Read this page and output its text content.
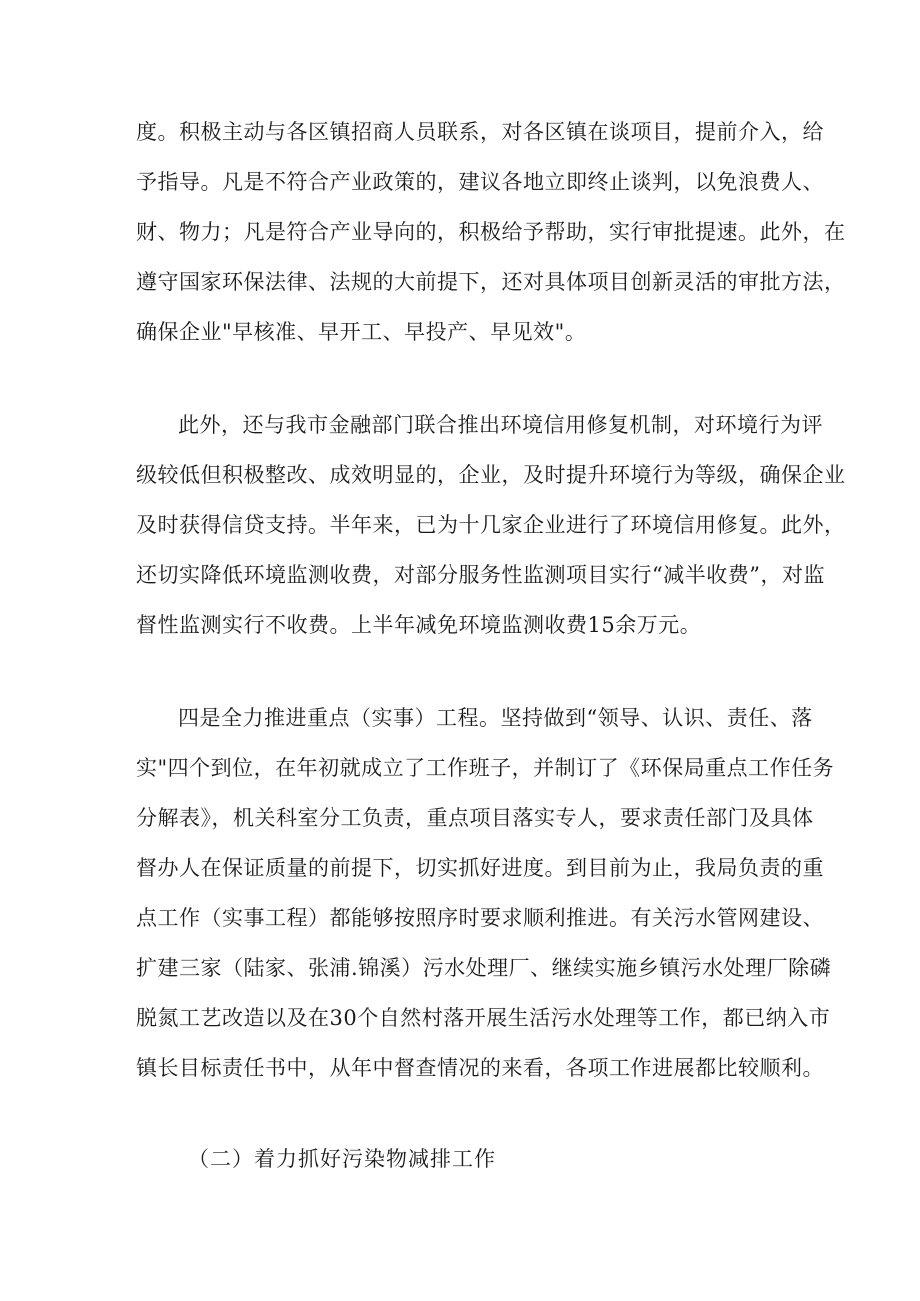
度。积极主动与各区镇招商人员联系，对各区镇在谈项目，提前介入，给
予指导。凡是不符合产业政策的，建议各地立即终止谈判，以免浪费人、
财、物力；凡是符合产业导向的，积极给予帮助，实行审批提速。此外，在
遵守国家环保法律、法规的大前提下，还对具体项目创新灵活的审批方法，
确保企业"早核准、早开工、早投产、早见效"。
此外，还与我市金融部门联合推出环境信用修复机制，对环境行为评
级较低但积极整改、成效明显的，企业，及时提升环境行为等级，确保企业
及时获得信贷支持。半年来，已为十几家企业进行了环境信用修复。此外，
还切实降低环境监测收费，对部分服务性监测项目实行“减半收费”，对监
督性监测实行不收费。上半年减免环境监测收费15余万元。
四是全力推进重点（实事）工程。坚持做到“领导、认识、责任、落
实"四个到位，在年初就成立了工作班子，并制订了《环保局重点工作任务
分解表》，机关科室分工负责，重点项目落实专人，要求责任部门及具体
督办人在保证质量的前提下，切实抓好进度。到目前为止，我局负责的重
点工作（实事工程）都能够按照序时要求顺利推进。有关污水管网建设、
扩建三家（陆家、张浦.锦溪）污水处理厂、继续实施乡镇污水处理厂除磷
脱氮工艺改造以及在30个自然村落开展生活污水处理等工作，都已纳入市
镇长目标责任书中，从年中督查情况的来看，各项工作进展都比较顺利。
（二）着力抓好污染物减排工作
